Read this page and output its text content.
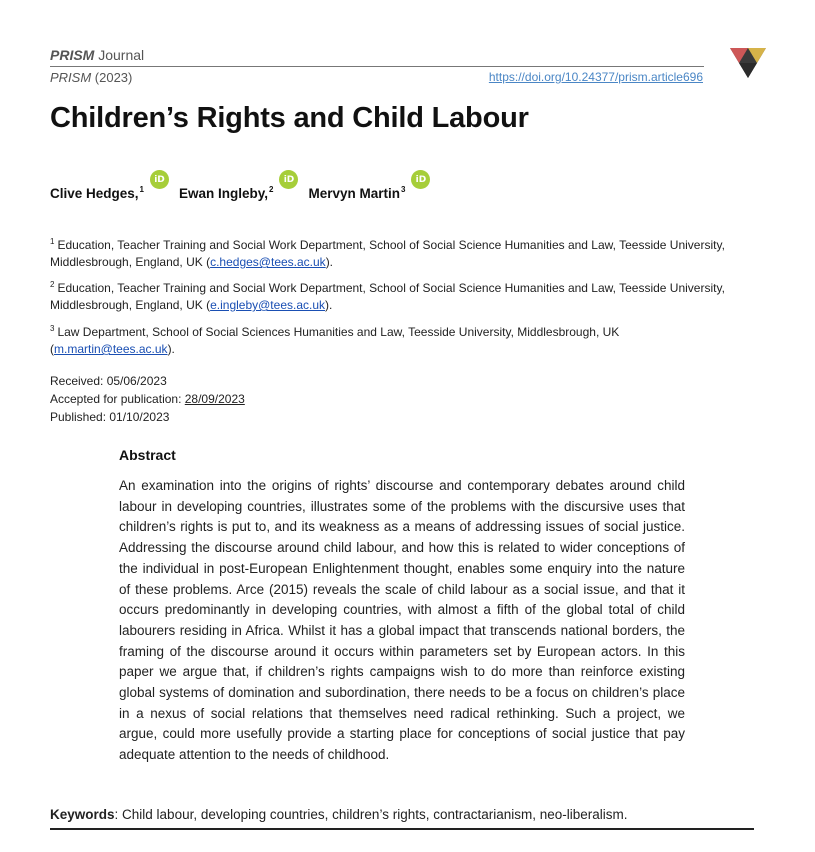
PRISM Journal
PRISM (2023)	https://doi.org/10.24377/prism.article696
Children’s Rights and Child Labour
Clive Hedges,$^1$
iD
Ewan Ingleby,$^2$
iD
Mervyn Martin$^3$
iD
$^1$ Education, Teacher Training and Social Work Department, School of Social Science Humanities and Law, Teesside University, Middlesbrough, England, UK (c.hedges@tees.ac.uk).
$^2$ Education, Teacher Training and Social Work Department, School of Social Science Humanities and Law, Teesside University, Middlesbrough, England, UK (e.ingleby@tees.ac.uk).
$^3$ Law Department, School of Social Sciences Humanities and Law, Teesside University, Middlesbrough, UK (m.martin@tees.ac.uk).
Received: 05/06/2023
Accepted for publication: 28/09/2023
Published: 01/10/2023
Abstract
An examination into the origins of rights’ discourse and contemporary debates around child labour in developing countries, illustrates some of the problems with the discursive uses that children’s rights is put to, and its weakness as a means of addressing issues of social justice. Addressing the discourse around child labour, and how this is related to wider conceptions of the individual in post-European Enlightenment thought, enables some enquiry into the nature of these problems. Arce (2015) reveals the scale of child labour as a social issue, and that it occurs predominantly in developing countries, with almost a fifth of the global total of child labourers residing in Africa. Whilst it has a global impact that transcends national borders, the framing of the discourse around it occurs within parameters set by European actors. In this paper we argue that, if children’s rights campaigns wish to do more than reinforce existing global systems of domination and subordination, there needs to be a focus on children’s place in a nexus of social relations that themselves need radical rethinking. Such a project, we argue, could more usefully provide a starting place for conceptions of social justice that pay adequate attention to the needs of childhood.
Keywords: Child labour, developing countries, children’s rights, contractarianism, neo-liberalism.
